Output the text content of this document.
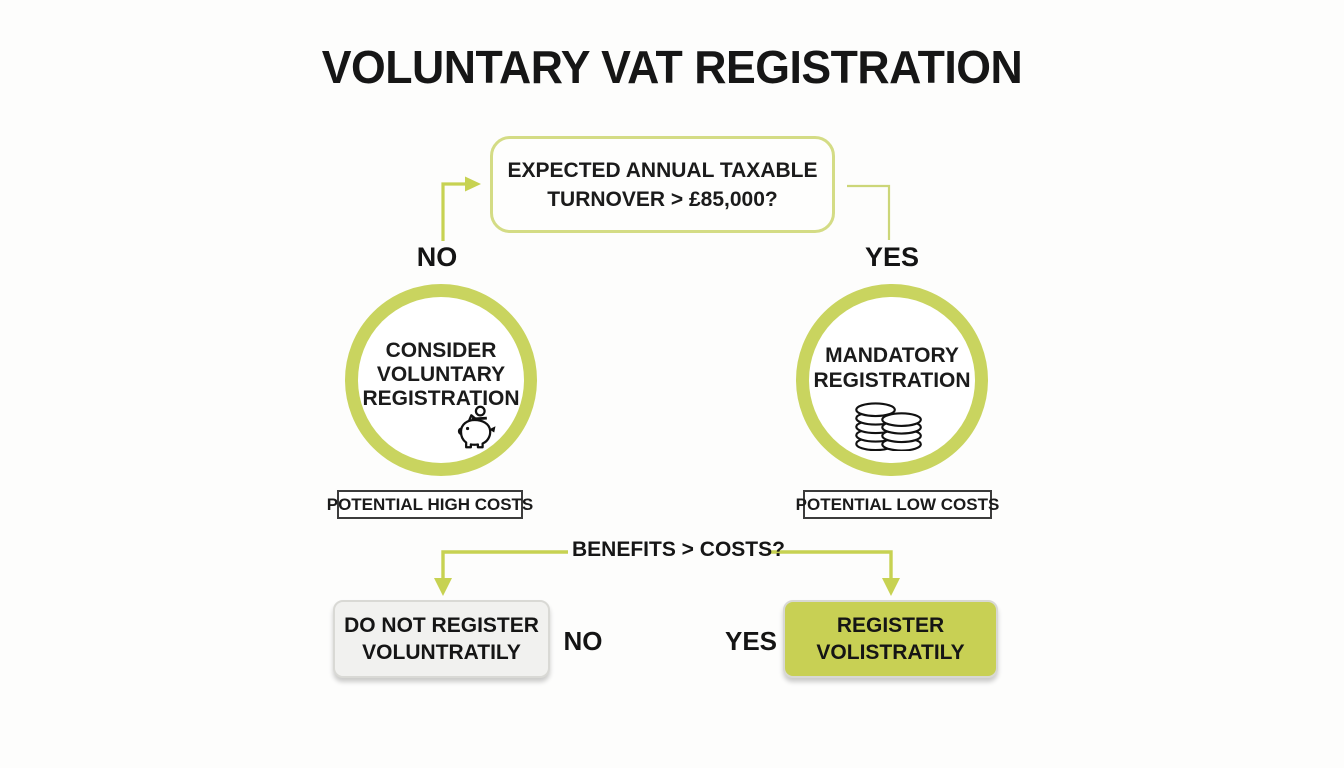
VOLUNTARY VAT REGISTRATION
EXPECTED ANNUAL TAXABLE TURNOVER > £85,000?
NO	YES
CONSIDER
VOLUNTARY
REGISTRATION
MANDATORY
REGISTRATION
POTENTIAL HIGH COSTS	POTENTIAL LOW COSTS
BENEFITS > COSTS?
NO	YES
DO NOT REGISTER
VOLUNTRATILY
REGISTER
VOLISTRATILY
